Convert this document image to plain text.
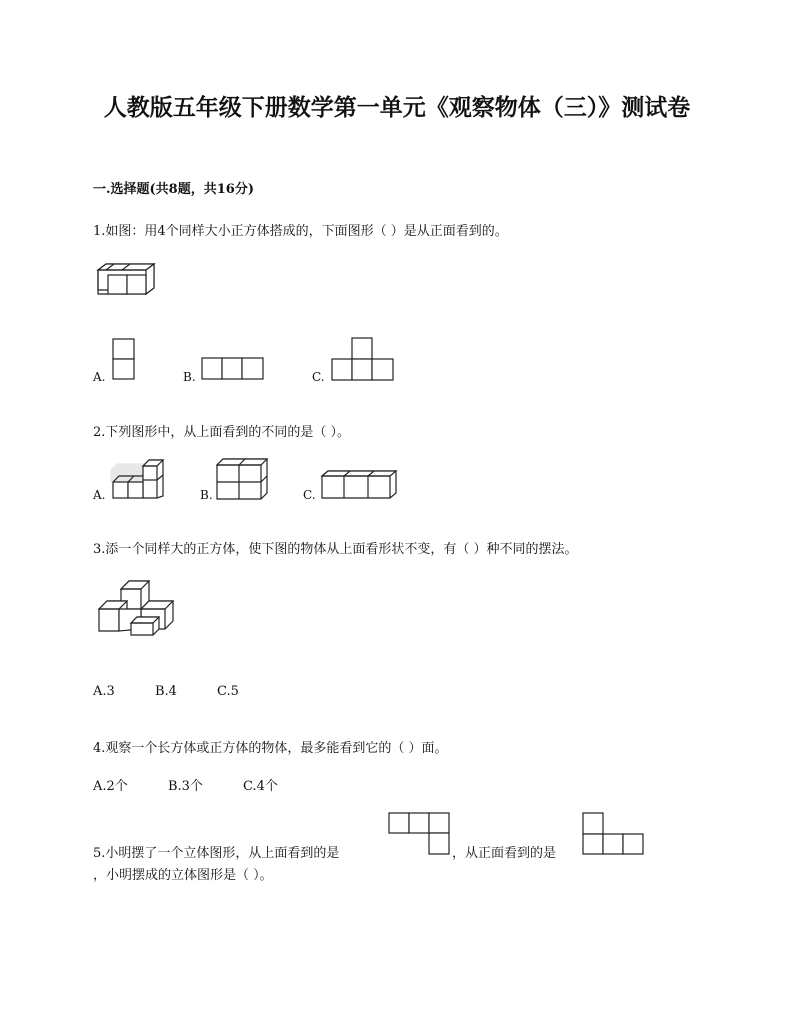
人教版五年级下册数学第一单元《观察物体（三）》测试卷
一.选择题(共8题，共16分)
1.如图：用4个同样大小正方体搭成的，下面图形（ ）是从正面看到的。
A.	B.	C.
2.下列图形中，从上面看到的不同的是（ ）。
A.	B.	C.
3.添一个同样大的正方体，使下图的物体从上面看形状不变，有（ ）种不同的摆法。
A.3	B.4	C.5
4.观察一个长方体或正方体的物体，最多能看到它的（ ）面。
A.2个	B.3个	C.4个
5.小明摆了一个立体图形，从上面看到的是	，从正面看到的是
，小明摆成的立体图形是（ ）。
